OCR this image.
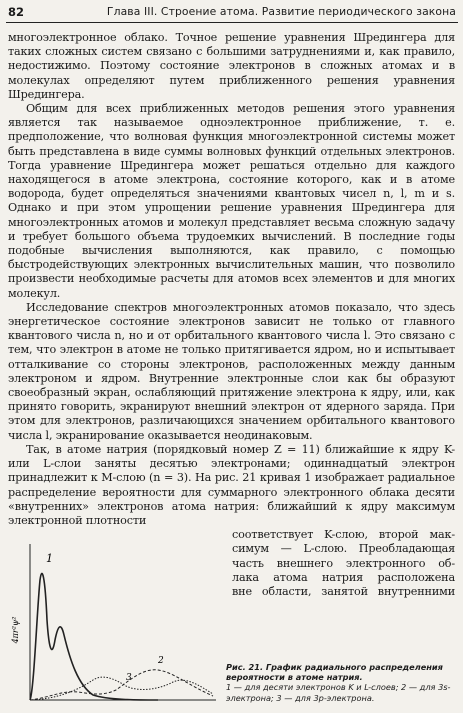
82	Глава III. Строение атома. Развитие периодического закона

многоэлектронное облако. Точное решение уравнения Шредингера для таких сложных систем связано с большими затруднениями и, как правило, недостижимо. Поэтому состояние электронов в сложных атомах и в молекулах определяют путем приближенного решения уравнения Шредингера.

Общим для всех приближенных методов решения этого уравнения является так называемое одноэлектронное приближение, т. е. предположение, что волновая функция многоэлектронной системы может быть представлена в виде суммы волновых функций отдельных электронов. Тогда уравнение Шредингера может решаться отдельно для каждого находящегося в атоме электрона, состояние которого, как и в атоме водорода, будет определяться значениями квантовых чисел n, l, m и s. Однако и при этом упрощении решение уравнения Шредингера для многоэлектронных атомов и молекул представляет весьма сложную задачу и требует большого объема трудоемких вычислений. В последние годы подобные вычисления выполняются, как правило, с помощью быстродействующих электронных вычислительных машин, что позволило произвести необходимые расчеты для атомов всех элементов и для многих молекул.

Исследование спектров многоэлектронных атомов показало, что здесь энергетическое состояние электронов зависит не только от главного квантового числа n, но и от орбитального квантового числа l. Это связано с тем, что электрон в атоме не только притягивается ядром, но и испытывает отталкивание со стороны электронов, расположенных между данным электроном и ядром. Внутренние электронные слои как бы образуют своеобразный экран, ослабляющий притяжение электрона к ядру, или, как принято говорить, экранируют внешний электрон от ядерного заряда. При этом для электронов, различающихся значением орбитального квантового числа l, экранирование оказывается неодинаковым.

Так, в атоме натрия (порядковый номер Z = 11) ближайшие к ядру K- или L-слои заняты десятью электронами; одиннадцатый электрон принадлежит к M-слою (n = 3). На рис. 21 кривая 1 изображает радиальное распределение вероятности для суммарного электронного облака десяти «внутренних» электронов атома натрия: ближайший к ядру максимум электронной плотности

соответствует K-слою, второй мак-
симум — L-слою. Преобладающая
часть внешнего электронного об-
лака атома натрия расположена
вне области, занятой внутренними
4πr²ψ²
1
2
3
Рис. 21. График радиального распределения вероятности в атоме натрия.
1 — для десяти электронов K и L-слоев; 2 — для 3s-электрона; 3 — для 3p-электрона.
